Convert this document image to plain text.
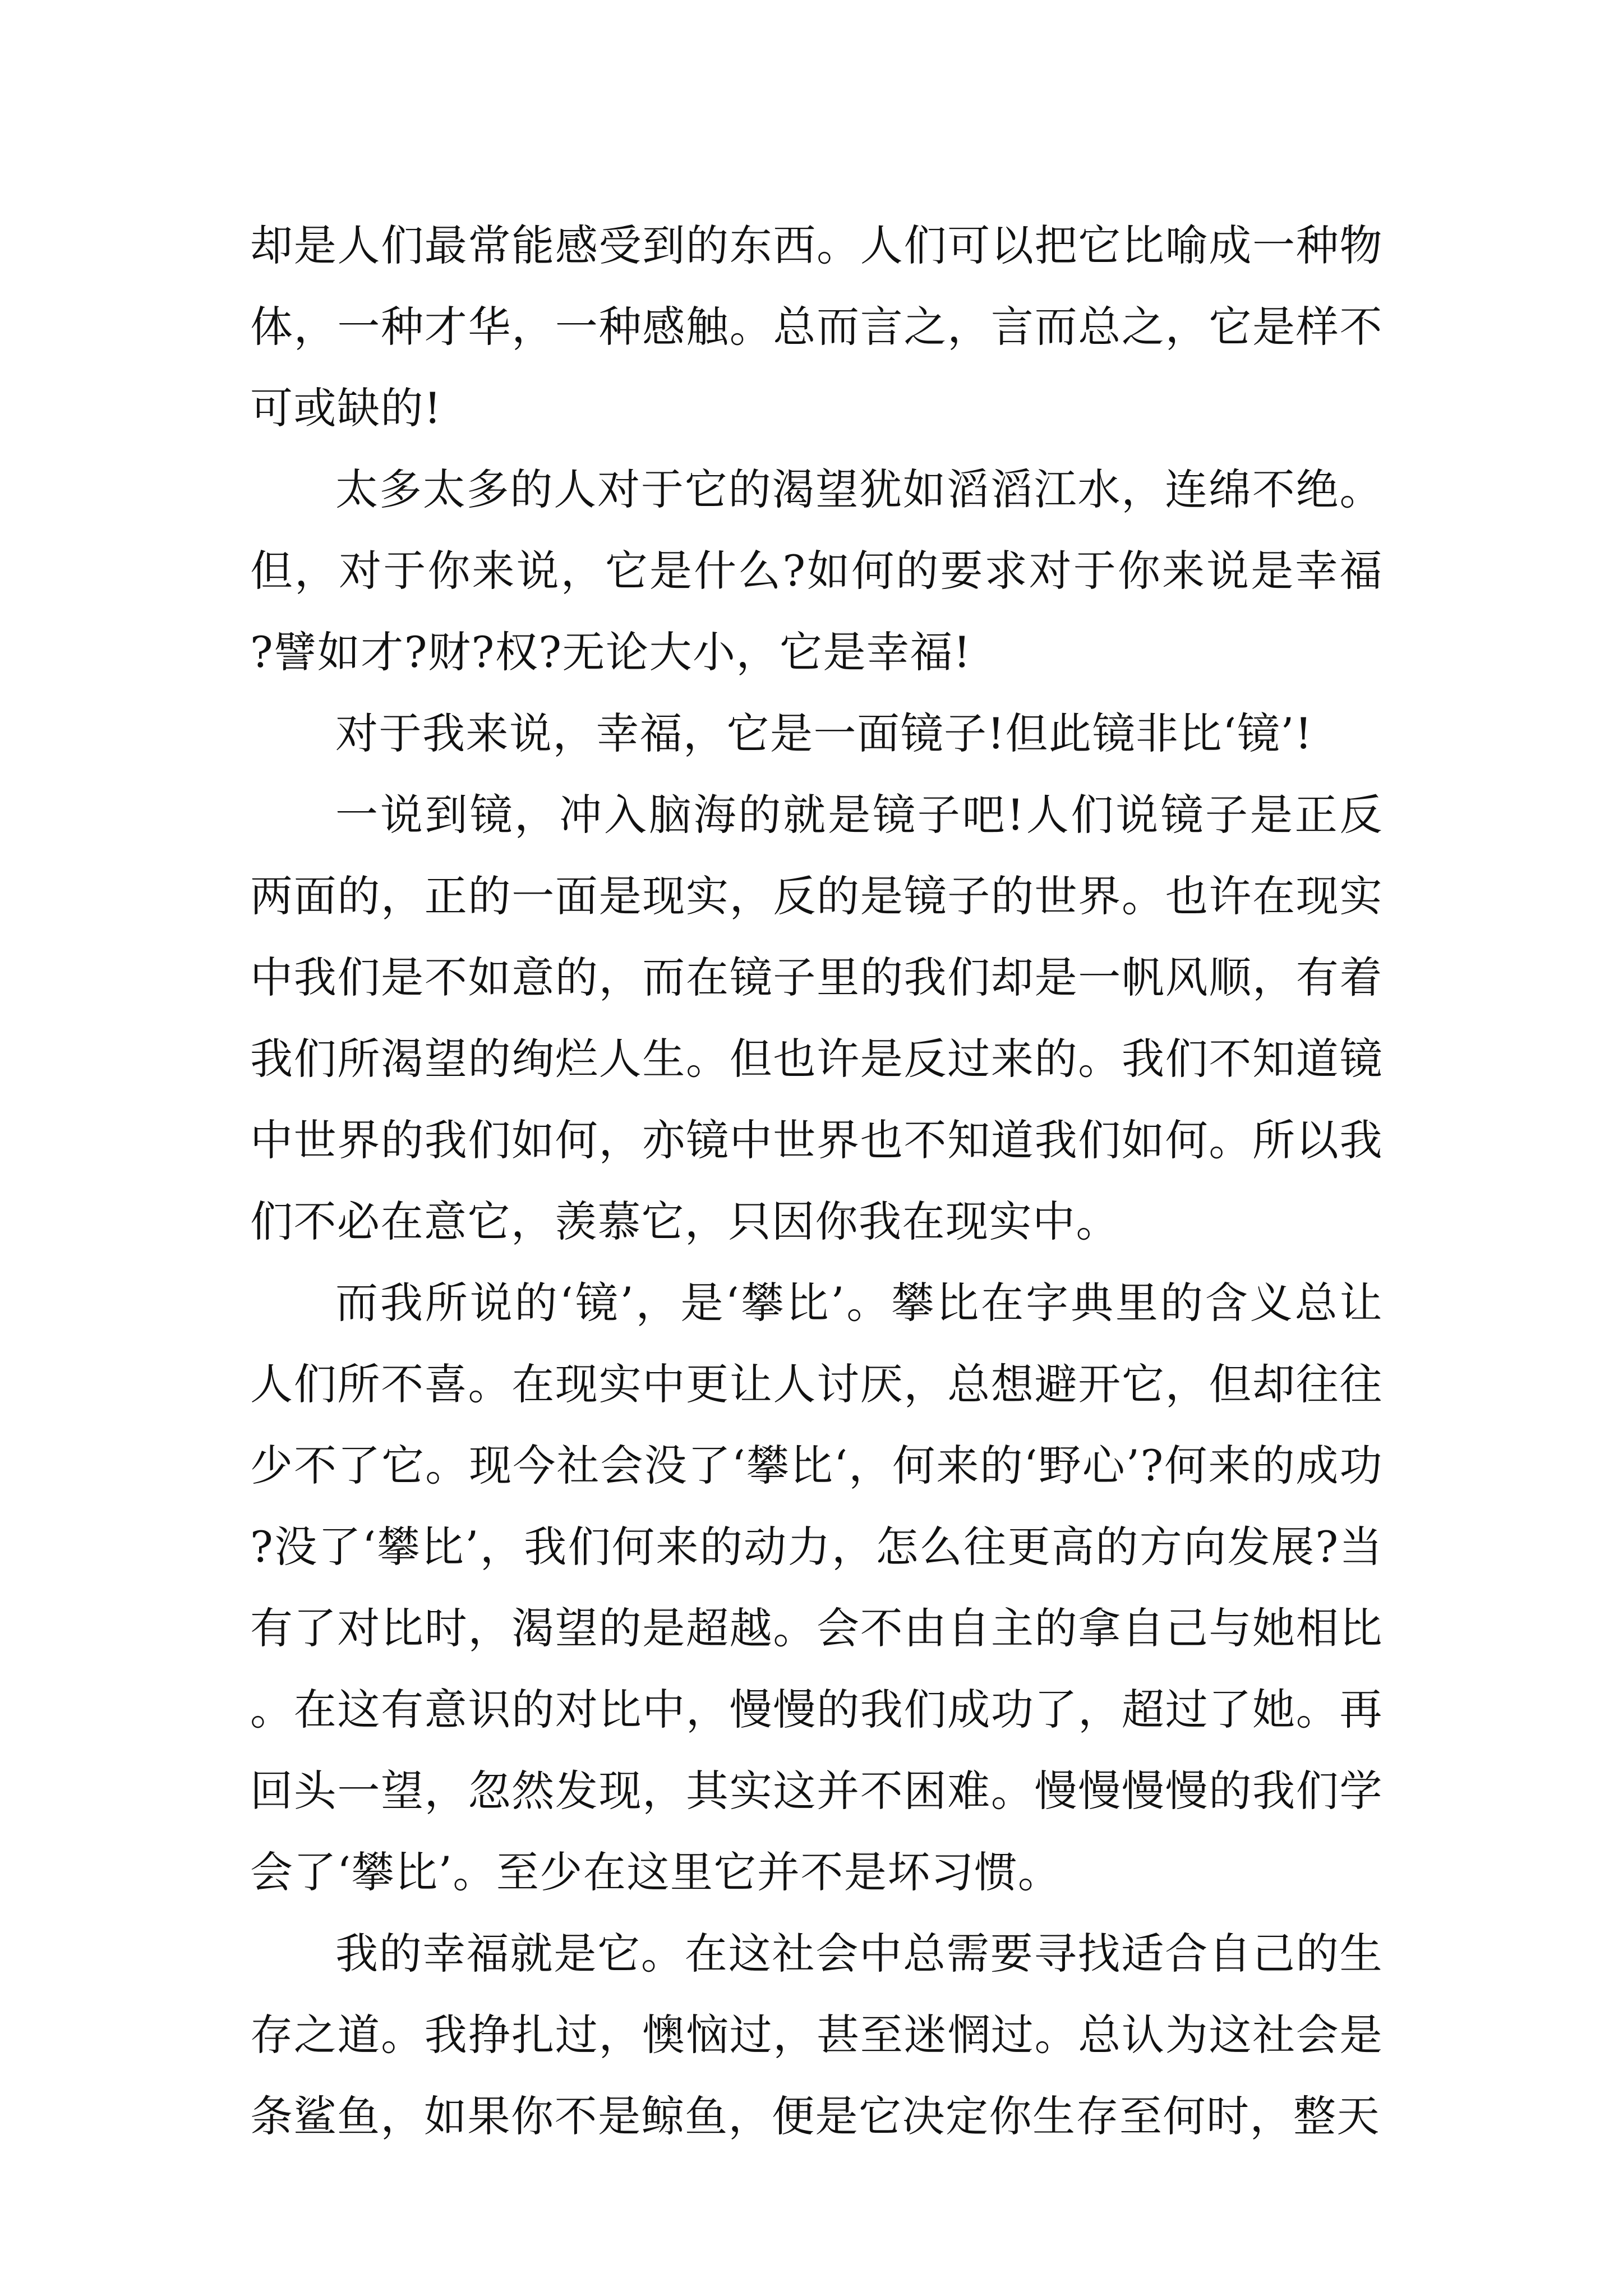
却是人们最常能感受到的东西。人们可以把它比喻成一种物体，一种才华，一种感触。总而言之，言而总之，它是样不可或缺的!

太多太多的人对于它的渴望犹如滔滔江水，连绵不绝。但，对于你来说，它是什么?如何的要求对于你来说是幸福?譬如才?财?权?无论大小，它是幸福!

对于我来说，幸福，它是一面镜子!但此镜非比‘镜’!

一说到镜，冲入脑海的就是镜子吧!人们说镜子是正反两面的，正的一面是现实，反的是镜子的世界。也许在现实中我们是不如意的，而在镜子里的我们却是一帆风顺，有着我们所渴望的绚烂人生。但也许是反过来的。我们不知道镜中世界的我们如何，亦镜中世界也不知道我们如何。所以我们不必在意它，羡慕它，只因你我在现实中。

而我所说的‘镜’，是‘攀比’。攀比在字典里的含义总让人们所不喜。在现实中更让人讨厌，总想避开它，但却往往少不了它。现今社会没了‘攀比‘，何来的‘野心’?何来的成功?没了‘攀比’，我们何来的动力，怎么往更高的方向发展?当有了对比时，渴望的是超越。会不由自主的拿自己与她相比。在这有意识的对比中，慢慢的我们成功了，超过了她。再回头一望，忽然发现，其实这并不困难。慢慢慢慢的我们学会了‘攀比’。至少在这里它并不是坏习惯。

我的幸福就是它。在这社会中总需要寻找适合自己的生存之道。我挣扎过，懊恼过，甚至迷惘过。总认为这社会是条鲨鱼，如果你不是鲸鱼，便是它决定你生存至何时，整天
